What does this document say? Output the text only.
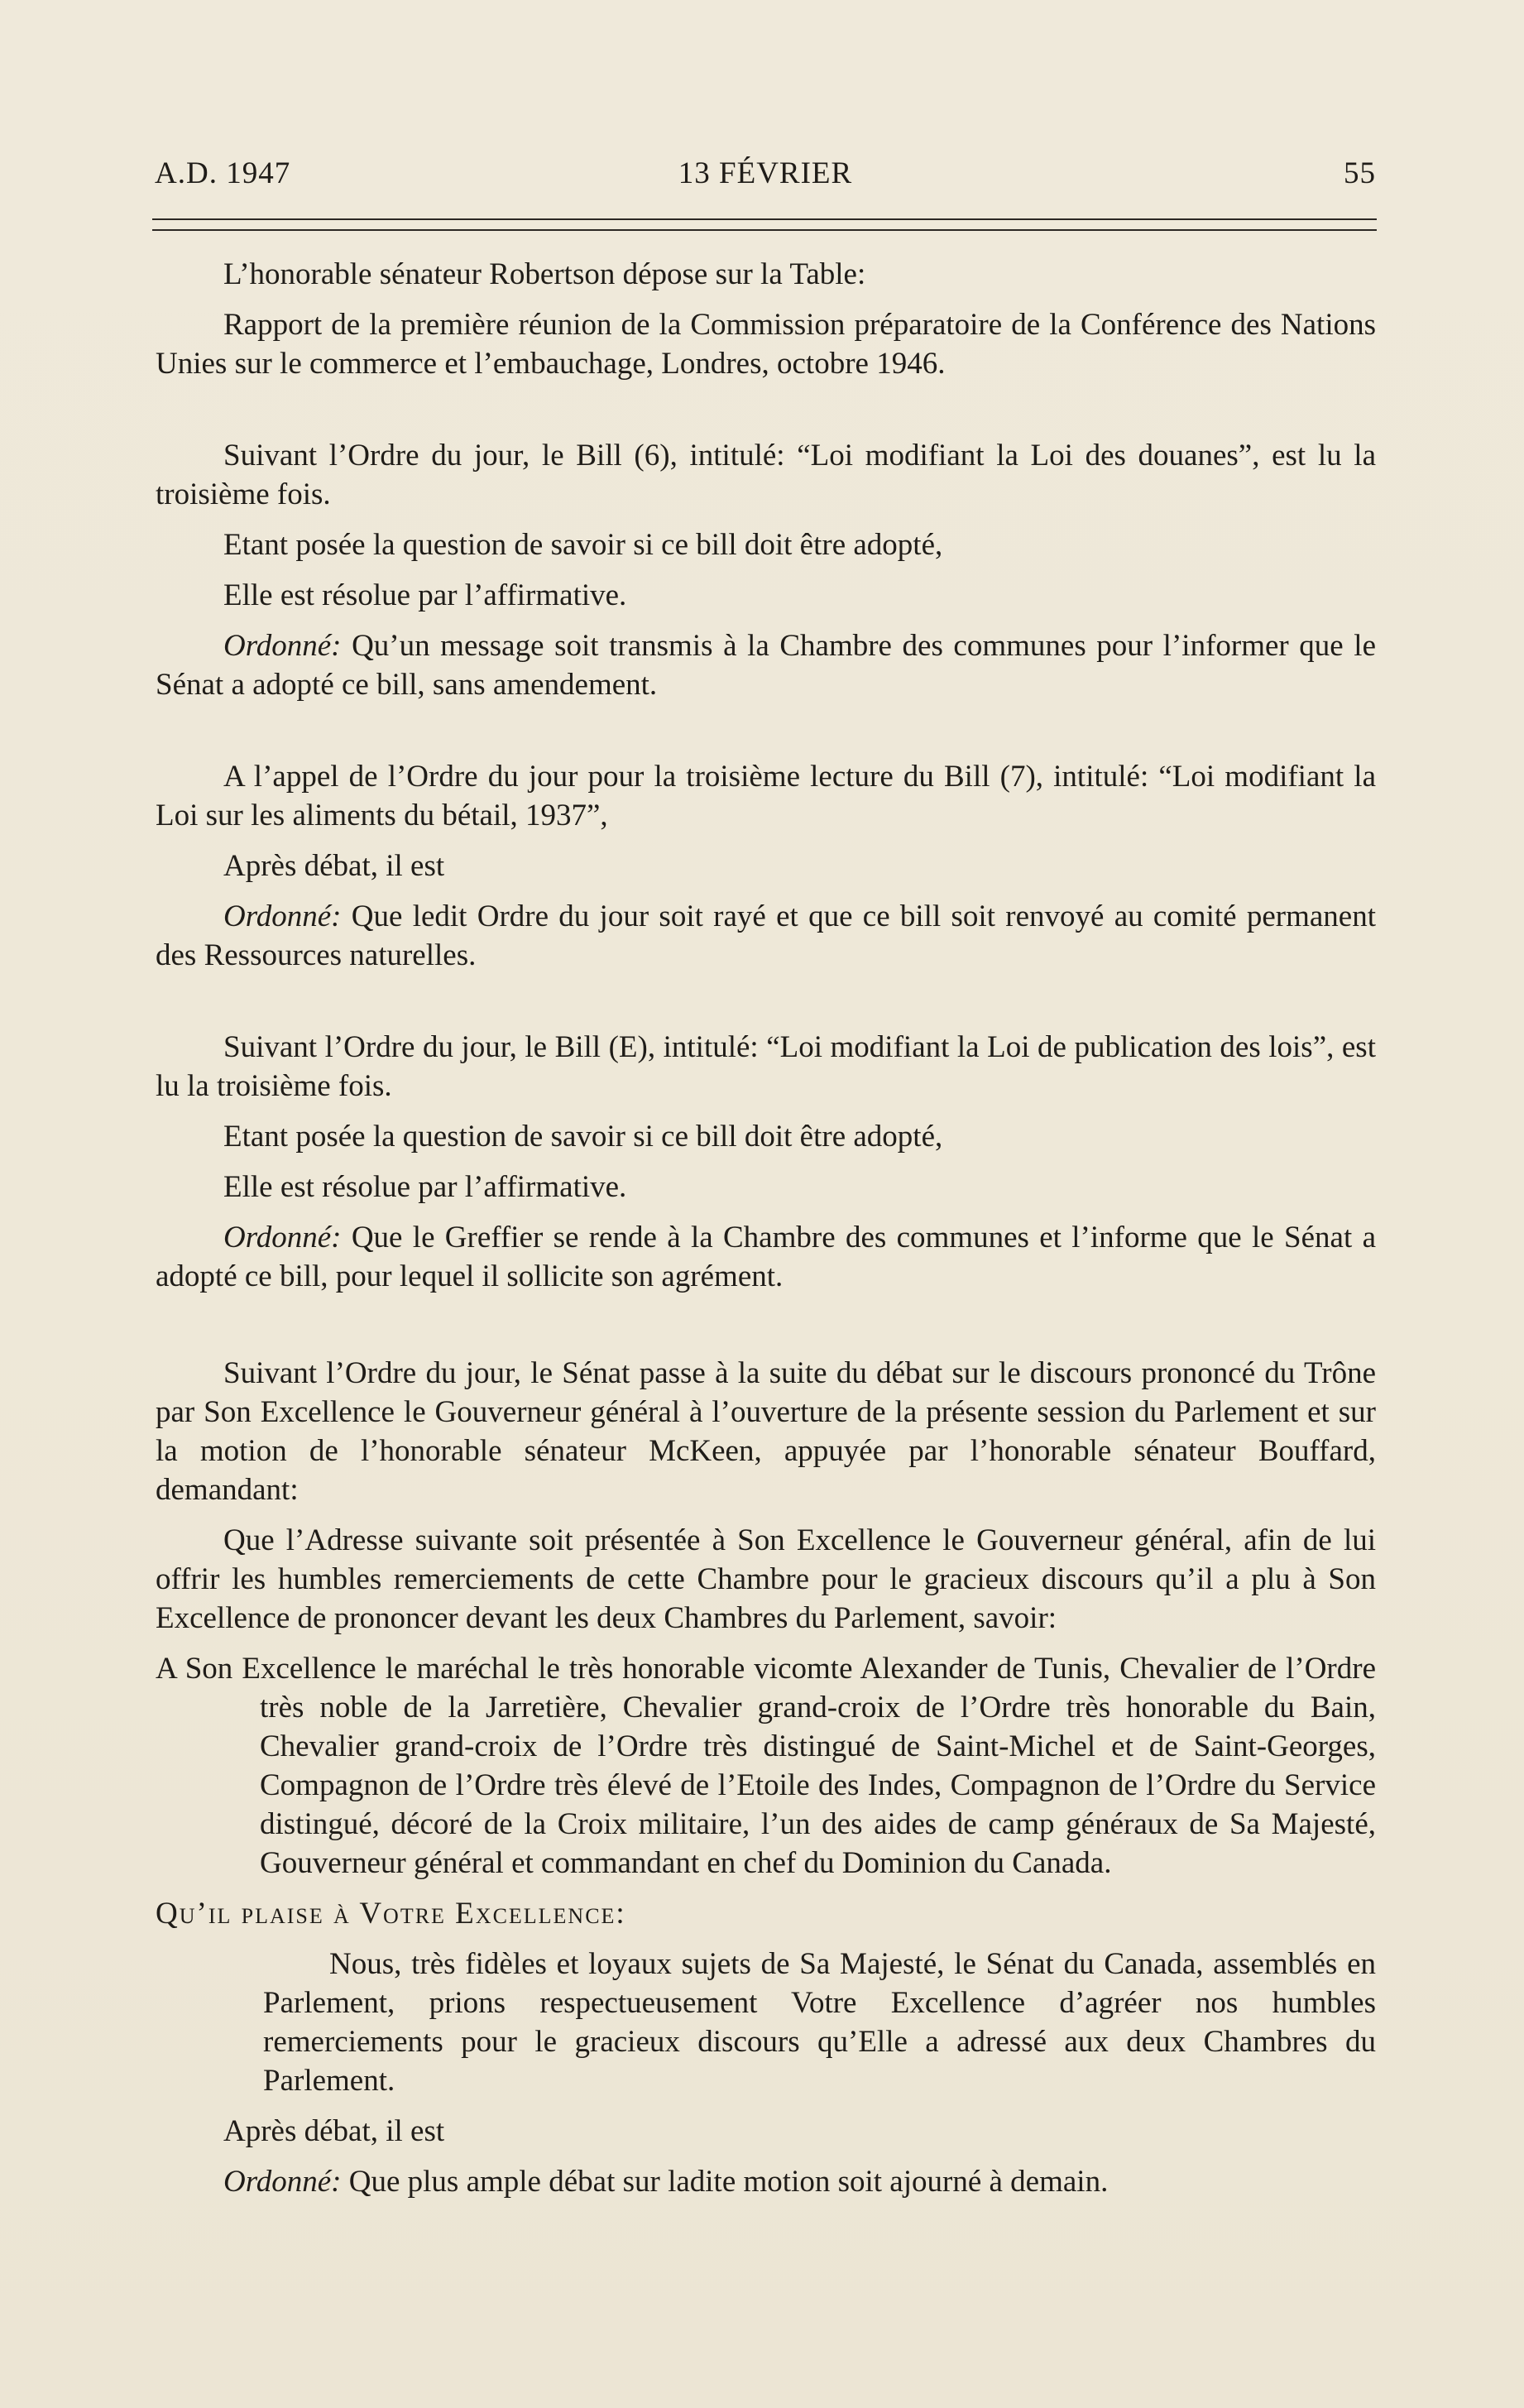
A.D. 1947	13 FÉVRIER	55

L’honorable sénateur Robertson dépose sur la Table:

Rapport de la première réunion de la Commission préparatoire de la Conférence des Nations Unies sur le commerce et l’embauchage, Londres, octobre 1946.

Suivant l’Ordre du jour, le Bill (6), intitulé: “Loi modifiant la Loi des douanes”, est lu la troisième fois.

Etant posée la question de savoir si ce bill doit être adopté,

Elle est résolue par l’affirmative.

Ordonné: Qu’un message soit transmis à la Chambre des communes pour l’informer que le Sénat a adopté ce bill, sans amendement.

A l’appel de l’Ordre du jour pour la troisième lecture du Bill (7), intitulé: “Loi modifiant la Loi sur les aliments du bétail, 1937”,

Après débat, il est

Ordonné: Que ledit Ordre du jour soit rayé et que ce bill soit renvoyé au comité permanent des Ressources naturelles.

Suivant l’Ordre du jour, le Bill (E), intitulé: “Loi modifiant la Loi de publication des lois”, est lu la troisième fois.

Etant posée la question de savoir si ce bill doit être adopté,

Elle est résolue par l’affirmative.

Ordonné: Que le Greffier se rende à la Chambre des communes et l’informe que le Sénat a adopté ce bill, pour lequel il sollicite son agrément.

Suivant l’Ordre du jour, le Sénat passe à la suite du débat sur le discours prononcé du Trône par Son Excellence le Gouverneur général à l’ouverture de la présente session du Parlement et sur la motion de l’honorable sénateur McKeen, appuyée par l’honorable sénateur Bouffard, demandant:

Que l’Adresse suivante soit présentée à Son Excellence le Gouverneur général, afin de lui offrir les humbles remerciements de cette Chambre pour le gracieux discours qu’il a plu à Son Excellence de prononcer devant les deux Chambres du Parlement, savoir:

A Son Excellence le maréchal le très honorable vicomte Alexander de Tunis, Chevalier de l’Ordre très noble de la Jarretière, Chevalier grand-croix de l’Ordre très honorable du Bain, Chevalier grand-croix de l’Ordre très distingué de Saint-Michel et de Saint-Georges, Compagnon de l’Ordre très élevé de l’Etoile des Indes, Compagnon de l’Ordre du Service distingué, décoré de la Croix militaire, l’un des aides de camp généraux de Sa Majesté, Gouverneur général et commandant en chef du Dominion du Canada.

Qu’il plaise à Votre Excellence:

Nous, très fidèles et loyaux sujets de Sa Majesté, le Sénat du Canada, assemblés en Parlement, prions respectueusement Votre Excellence d’agréer nos humbles remerciements pour le gracieux discours qu’Elle a adressé aux deux Chambres du Parlement.

Après débat, il est

Ordonné: Que plus ample débat sur ladite motion soit ajourné à demain.
